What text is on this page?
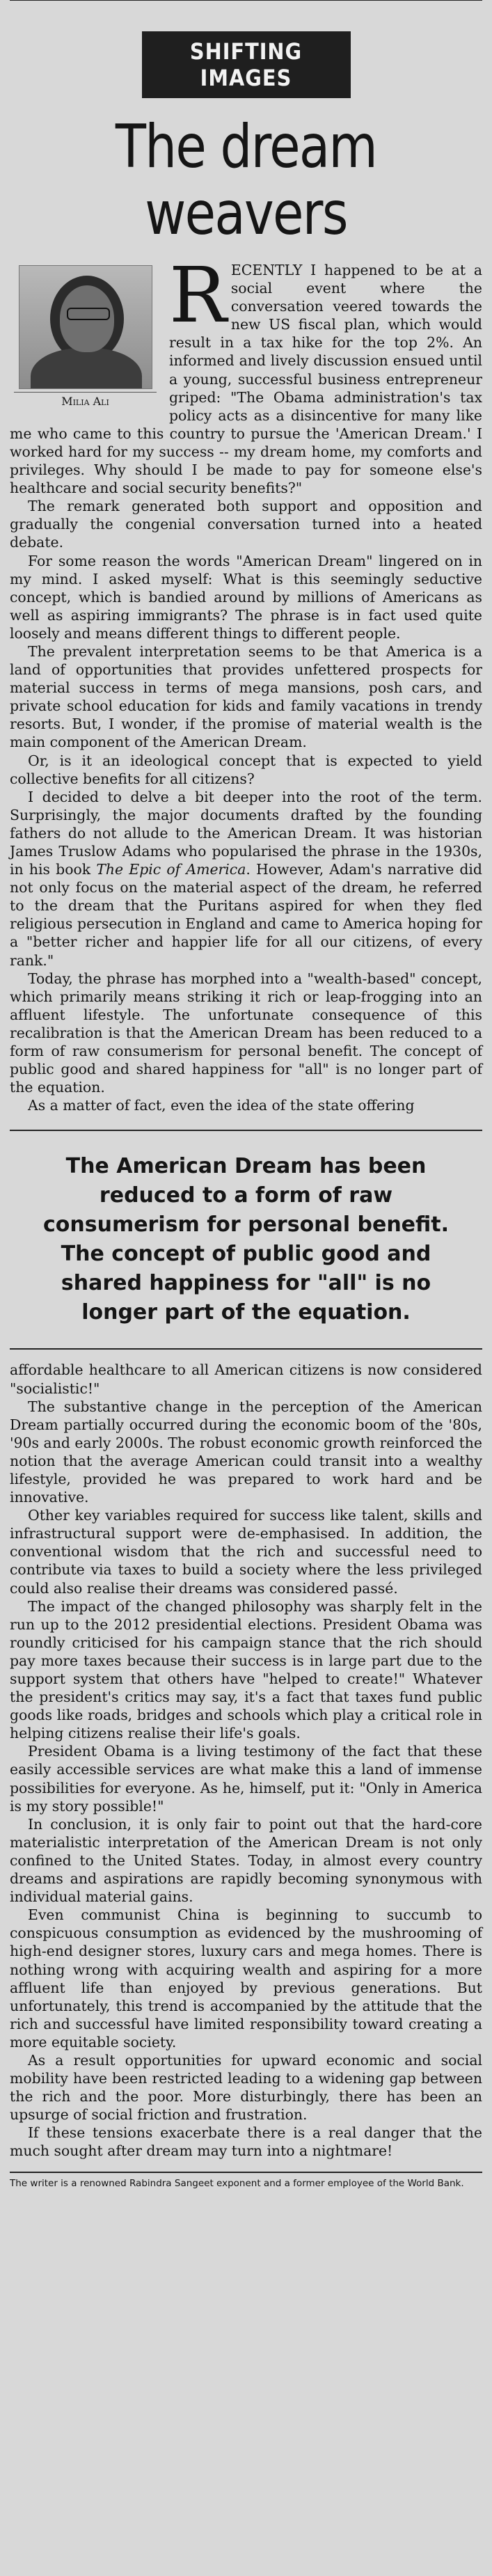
SHIFTING IMAGES
The dream weavers
Milia Ali

RECENTLY I happened to be at a social event where the conversation veered towards the new US fiscal plan, which would result in a tax hike for the top 2%. An informed and lively discussion ensued until a young, successful business entrepreneur griped: "The Obama administration's tax policy acts as a disincentive for many like me who came to this country to pursue the 'American Dream.' I worked hard for my success -- my dream home, my comforts and privileges. Why should I be made to pay for someone else's healthcare and social security benefits?"

The remark generated both support and opposition and gradually the congenial conversation turned into a heated debate.

For some reason the words "American Dream" lingered on in my mind. I asked myself: What is this seemingly seductive concept, which is bandied around by millions of Americans as well as aspiring immigrants? The phrase is in fact used quite loosely and means different things to different people.

The prevalent interpretation seems to be that America is a land of opportunities that provides unfettered prospects for material success in terms of mega mansions, posh cars, and private school education for kids and family vacations in trendy resorts. But, I wonder, if the promise of material wealth is the main component of the American Dream.

Or, is it an ideological concept that is expected to yield collective benefits for all citizens?

I decided to delve a bit deeper into the root of the term. Surprisingly, the major documents drafted by the founding fathers do not allude to the American Dream. It was historian James Truslow Adams who popularised the phrase in the 1930s, in his book The Epic of America. However, Adam's narrative did not only focus on the material aspect of the dream, he referred to the dream that the Puritans aspired for when they fled religious persecution in England and came to America hoping for a "better richer and happier life for all our citizens, of every rank."

Today, the phrase has morphed into a "wealth-based" concept, which primarily means striking it rich or leap-frogging into an affluent lifestyle. The unfortunate consequence of this recalibration is that the American Dream has been reduced to a form of raw consumerism for personal benefit. The concept of public good and shared happiness for "all" is no longer part of the equation.

As a matter of fact, even the idea of the state offering

The American Dream has been reduced to a form of raw consumerism for personal benefit. The concept of public good and shared happiness for "all" is no longer part of the equation.

affordable healthcare to all American citizens is now considered "socialistic!"

The substantive change in the perception of the American Dream partially occurred during the economic boom of the '80s, '90s and early 2000s. The robust economic growth reinforced the notion that the average American could transit into a wealthy lifestyle, provided he was prepared to work hard and be innovative.

Other key variables required for success like talent, skills and infrastructural support were de-emphasised. In addition, the conventional wisdom that the rich and successful need to contribute via taxes to build a society where the less privileged could also realise their dreams was considered passé.

The impact of the changed philosophy was sharply felt in the run up to the 2012 presidential elections. President Obama was roundly criticised for his campaign stance that the rich should pay more taxes because their success is in large part due to the support system that others have "helped to create!" Whatever the president's critics may say, it's a fact that taxes fund public goods like roads, bridges and schools which play a critical role in helping citizens realise their life's goals.

President Obama is a living testimony of the fact that these easily accessible services are what make this a land of immense possibilities for everyone. As he, himself, put it: "Only in America is my story possible!"

In conclusion, it is only fair to point out that the hard-core materialistic interpretation of the American Dream is not only confined to the United States. Today, in almost every country dreams and aspirations are rapidly becoming synonymous with individual material gains.

Even communist China is beginning to succumb to conspicuous consumption as evidenced by the mushrooming of high-end designer stores, luxury cars and mega homes. There is nothing wrong with acquiring wealth and aspiring for a more affluent life than enjoyed by previous generations. But unfortunately, this trend is accompanied by the attitude that the rich and successful have limited responsibility toward creating a more equitable society.

As a result opportunities for upward economic and social mobility have been restricted leading to a widening gap between the rich and the poor. More disturbingly, there has been an upsurge of social friction and frustration.

If these tensions exacerbate there is a real danger that the much sought after dream may turn into a nightmare!

The writer is a renowned Rabindra Sangeet exponent and a former employee of the World Bank.
